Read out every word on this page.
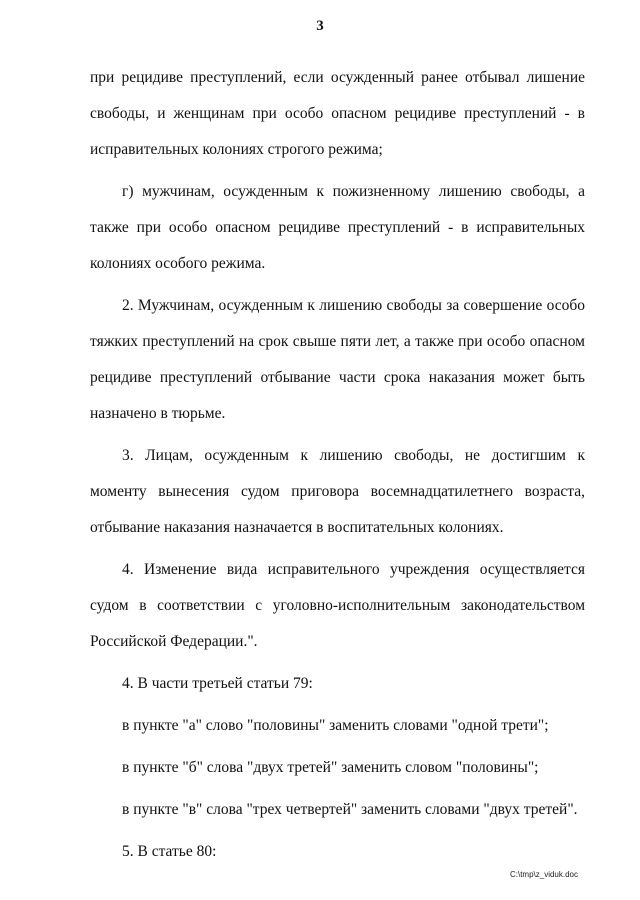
3
при рецидиве преступлений, если осужденный ранее отбывал лишение
свободы, и женщинам при особо опасном рецидиве преступлений - в
исправительных колониях строгого режима;
г) мужчинам, осужденным к пожизненному лишению свободы, а
также при особо опасном рецидиве преступлений - в исправительных
колониях особого режима.
2. Мужчинам, осужденным к лишению свободы за совершение особо
тяжких преступлений на срок свыше пяти лет, а также при особо опасном
рецидиве преступлений отбывание части срока наказания может быть
назначено в тюрьме.
3. Лицам, осужденным к лишению свободы, не достигшим к
моменту вынесения судом приговора восемнадцатилетнего возраста,
отбывание наказания назначается в воспитательных колониях.
4. Изменение вида исправительного учреждения осуществляется
судом в соответствии с уголовно-исполнительным законодательством
Российской Федерации.".
4. В части третьей статьи 79:
в пункте "а" слово "половины" заменить словами "одной трети";
в пункте "б" слова "двух третей" заменить словом "половины";
в пункте "в" слова "трех четвертей" заменить словами "двух третей".
5. В статье 80:
C:\tmp\z_viduk.doc
